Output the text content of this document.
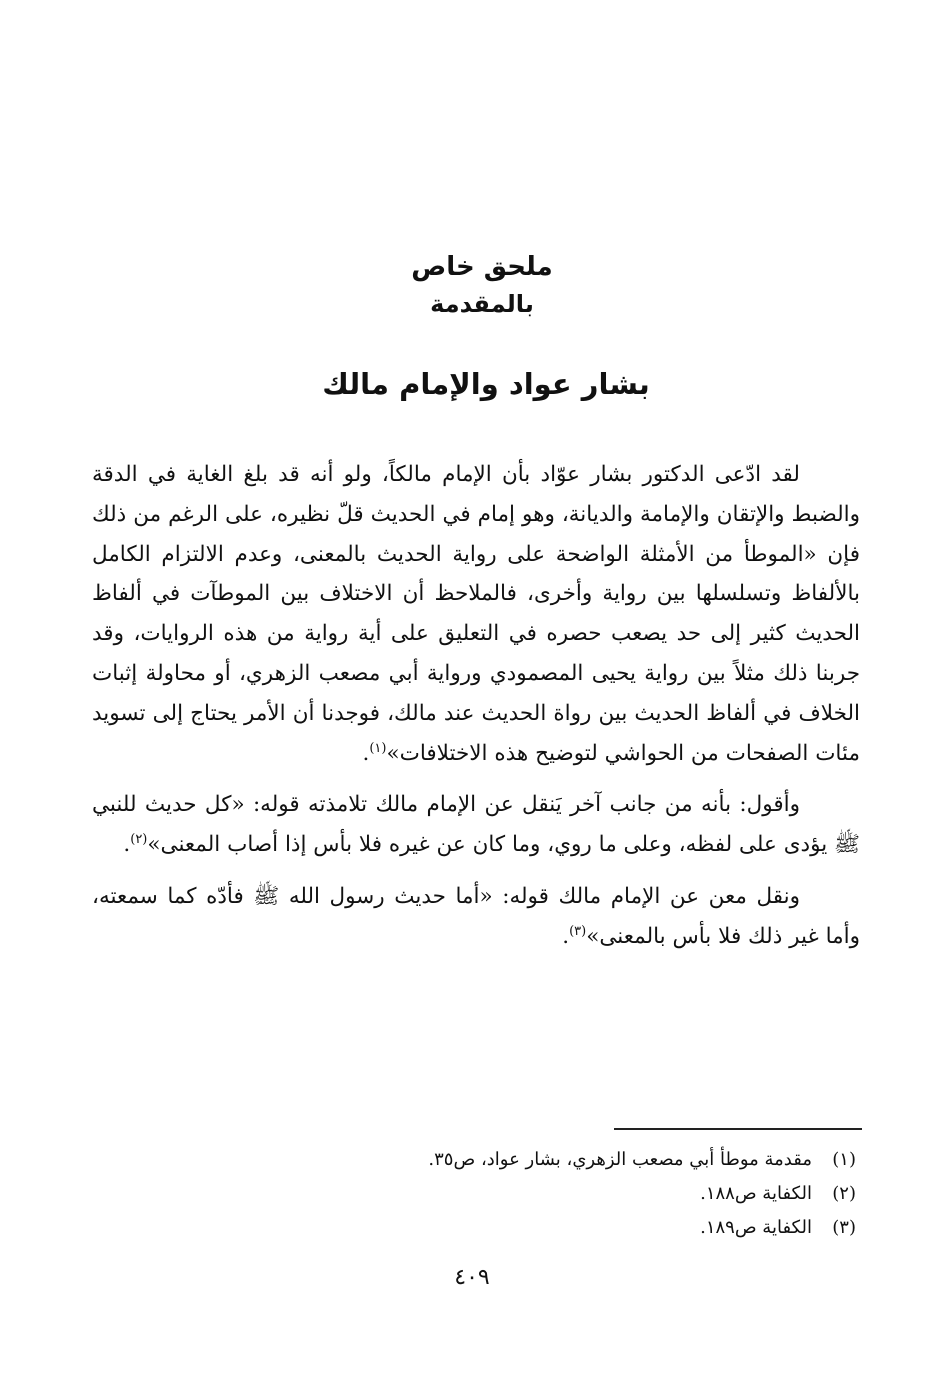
ملحق خاص
بالمقدمة
بشار عواد والإمام مالك

لقد ادّعى الدكتور بشار عوّاد بأن الإمام مالكاً، ولو أنه قد بلغ الغاية في الدقة والضبط والإتقان والإمامة والديانة، وهو إمام في الحديث قلّ نظيره، على الرغم من ذلك فإن «الموطأ من الأمثلة الواضحة على رواية الحديث بالمعنى، وعدم الالتزام الكامل بالألفاظ وتسلسلها بين رواية وأخرى، فالملاحظ أن الاختلاف بين الموطآت في ألفاظ الحديث كثير إلى حد يصعب حصره في التعليق على أية رواية من هذه الروايات، وقد جربنا ذلك مثلاً بين رواية يحيى المصمودي ورواية أبي مصعب الزهري، أو محاولة إثبات الخلاف في ألفاظ الحديث بين رواة الحديث عند مالك، فوجدنا أن الأمر يحتاج إلى تسويد مئات الصفحات من الحواشي لتوضيح هذه الاختلافات»$^{(١)}$.

وأقول: بأنه من جانب آخر يَنقل عن الإمام مالك تلامذته قوله: «كل حديث للنبي ﷺ يؤدى على لفظه، وعلى ما روي، وما كان عن غيره فلا بأس إذا أصاب المعنى»$^{(٢)}$.

ونقل معن عن الإمام مالك قوله: «أما حديث رسول الله ﷺ فأدّه كما سمعته، وأما غير ذلك فلا بأس بالمعنى»$^{(٣)}$.

(١)
مقدمة موطأ أبي مصعب الزهري، بشار عواد، ص٣٥.
(٢)
الكفاية ص١٨٨.
(٣)
الكفاية ص١٨٩.
٤٠٩
